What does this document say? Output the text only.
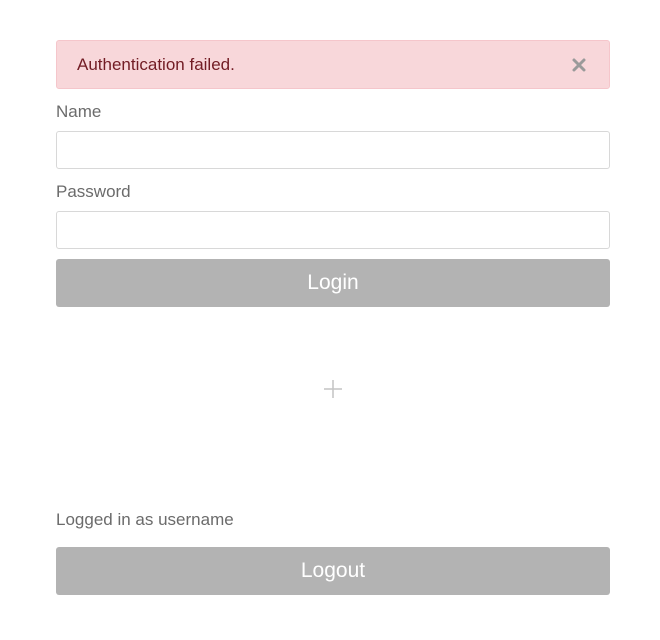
Authentication failed.
Name
Password
Login
Logged in as username
Logout
